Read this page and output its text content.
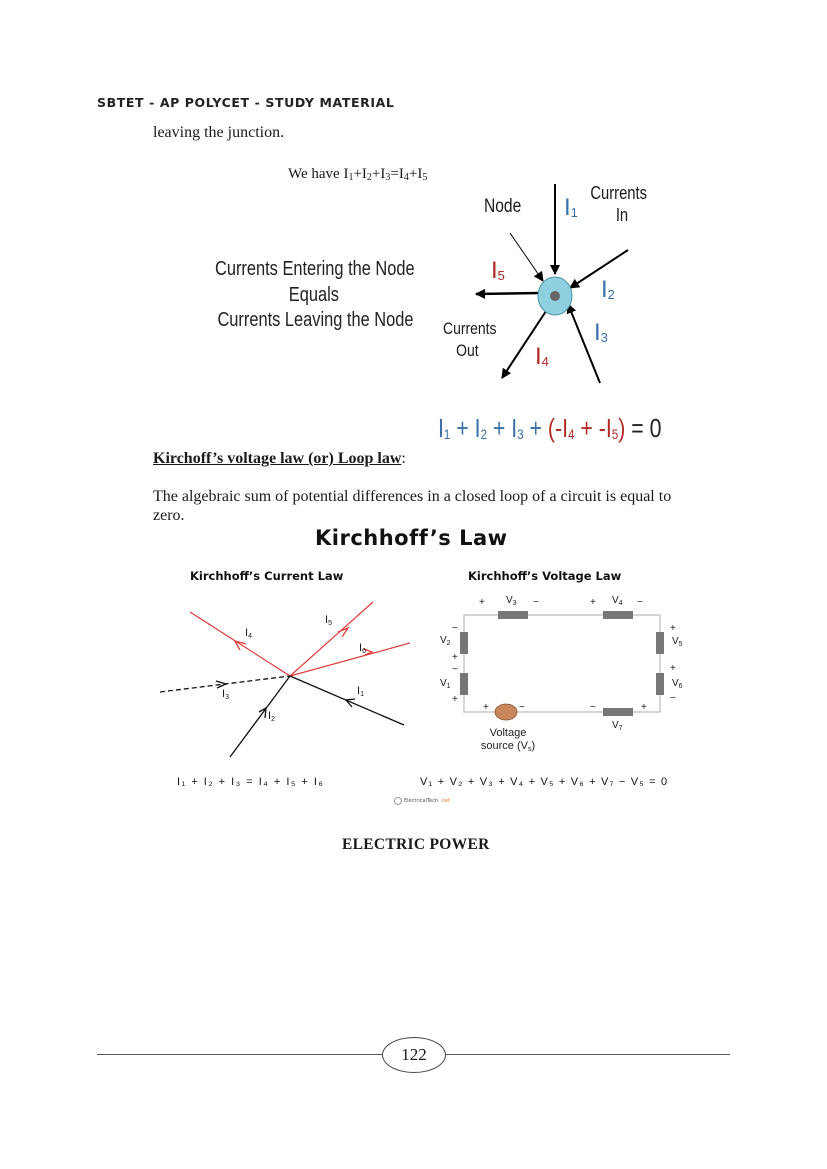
SBTET - AP POLYCET - STUDY MATERIAL
leaving the junction.
We have $I_1+I_2+I_3=I_4+I_5$
Currents Entering the Node
Equals
Currents Leaving the Node
Node
Currents
In
Currents
Out
$I_1$
$I_2$
$I_3$
$I_4$
$I_5$
$I_1 + I_2 + I_3 + (-I_4 + -I_5) = 0$
Kirchoff’s voltage law (or) Loop law:
The algebraic sum of potential differences in a closed loop of a circuit is equal to zero.
Kirchhoff’s Law
Kirchhoff’s Current Law	Kirchhoff’s Voltage Law
$I_4$
$I_5$
$I_6$
$I_3$
$I_2$
$I_1$
+ $V_3$ −	+ $V_4$ −
−
$V_2$
+
−
$V_1$
+
+
$V_5$
+
$V_6$
−
+	−	−	+
$V_7$
Voltage
source $(V_s)$
I₁ + I₂ + I₃ = I₄ + I₅ + I₆	V₁ + V₂ + V₃ + V₄ + V₅ + V₆ + V₇ − V₅ = 0
ElectricalTech .net
ELECTRIC POWER
122
